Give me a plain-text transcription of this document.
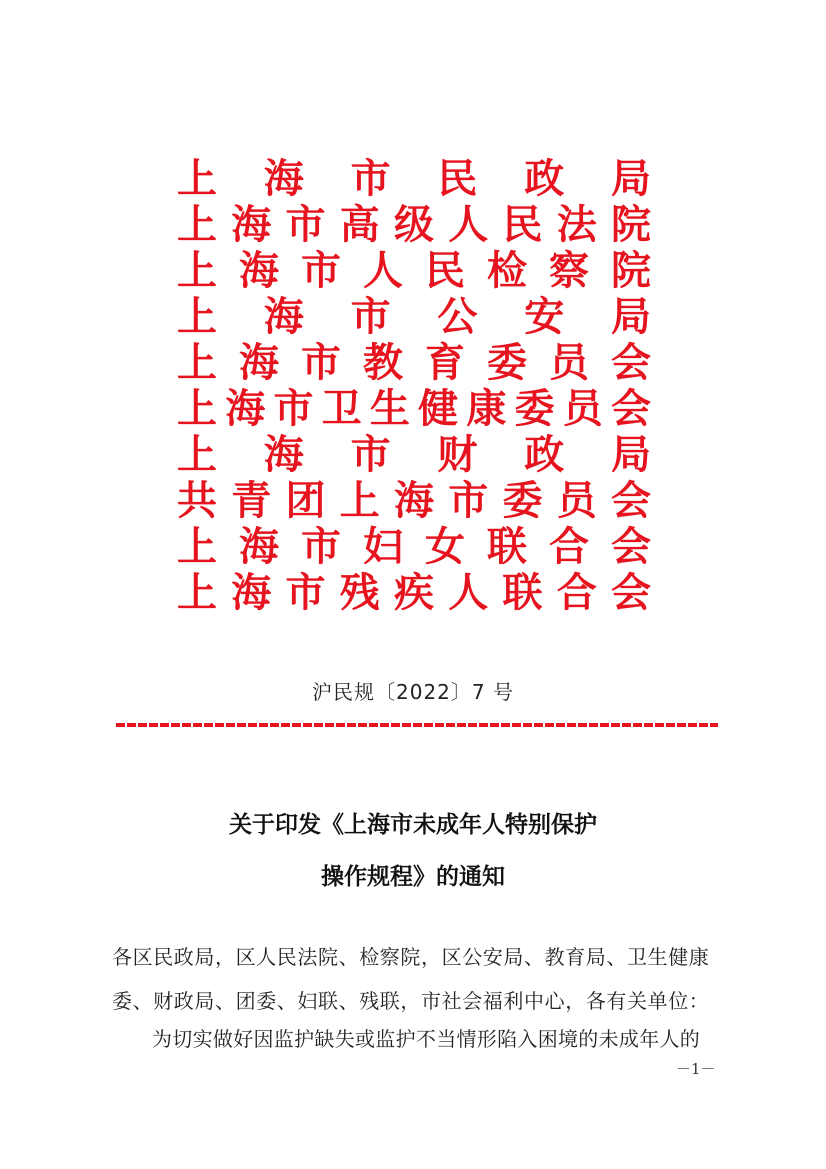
上 海 市 民 政 局
上 海 市 高 级 人 民 法 院
上 海 市 人 民 检 察 院
上 海 市 公 安 局
上 海 市 教 育 委 员 会
上 海 市 卫 生 健 康 委 员 会
上 海 市 财 政 局
共 青 团 上 海 市 委 员 会
上 海 市 妇 女 联 合 会
上 海 市 残 疾 人 联 合 会
沪民规〔2022〕7 号
关于印发《上海市未成年人特别保护
操作规程》的通知
各区民政局，区人民法院、检察院，区公安局、教育局、卫生健康
委、财政局、团委、妇联、残联，市社会福利中心，各有关单位：
为切实做好因监护缺失或监护不当情形陷入困境的未成年人的
－1－
